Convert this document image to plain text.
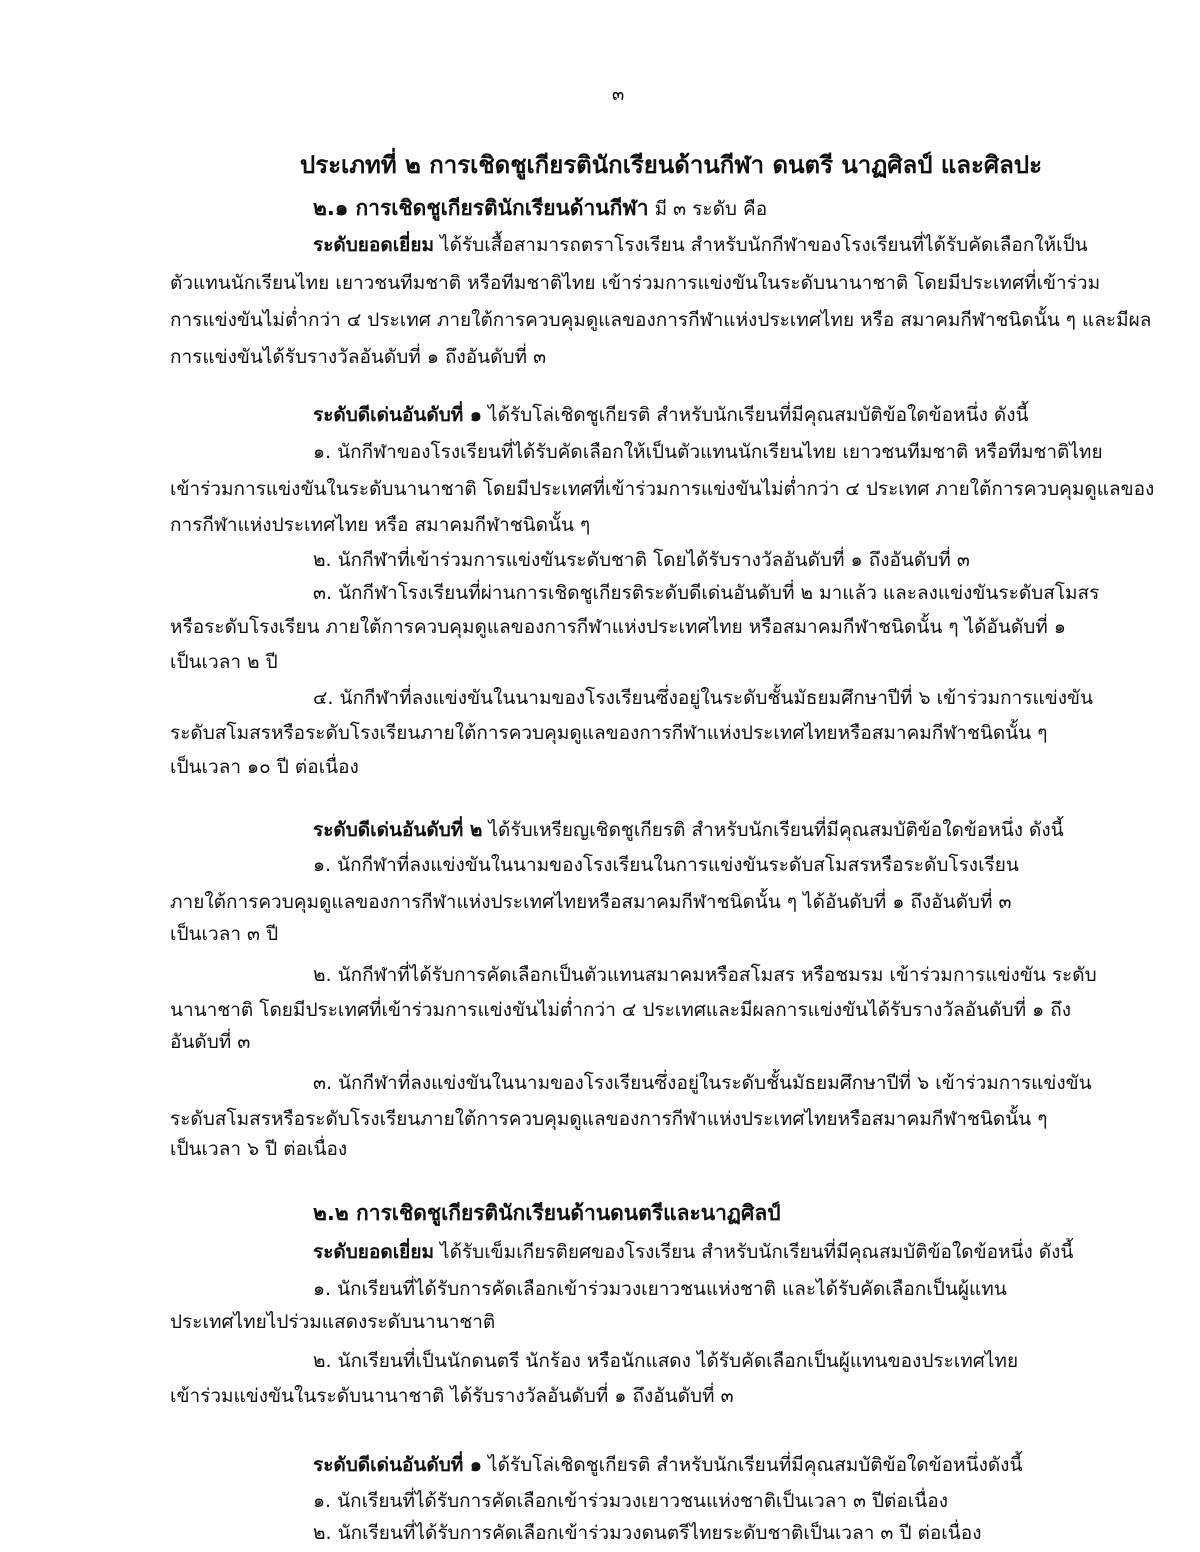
๓
ประเภทที่ ๒ การเชิดชูเกียรตินักเรียนด้านกีฬา ดนตรี นาฏศิลป์ และศิลปะ
๒.๑ การเชิดชูเกียรตินักเรียนด้านกีฬา มี ๓ ระดับ คือ
ระดับยอดเยี่ยม ได้รับเสื้อสามารถตราโรงเรียน สำหรับนักกีฬาของโรงเรียนที่ได้รับคัดเลือกให้เป็น
ตัวแทนนักเรียนไทย เยาวชนทีมชาติ หรือทีมชาติไทย เข้าร่วมการแข่งขันในระดับนานาชาติ โดยมีประเทศที่เข้าร่วม
การแข่งขันไม่ต่ำกว่า ๔ ประเทศ ภายใต้การควบคุมดูแลของการกีฬาแห่งประเทศไทย หรือ สมาคมกีฬาชนิดนั้น ๆ และมีผล
การแข่งขันได้รับรางวัลอันดับที่ ๑ ถึงอันดับที่ ๓
ระดับดีเด่นอันดับที่ ๑ ได้รับโล่เชิดชูเกียรติ สำหรับนักเรียนที่มีคุณสมบัติข้อใดข้อหนึ่ง ดังนี้
๑. นักกีฬาของโรงเรียนที่ได้รับคัดเลือกให้เป็นตัวแทนนักเรียนไทย เยาวชนทีมชาติ หรือทีมชาติไทย
เข้าร่วมการแข่งขันในระดับนานาชาติ โดยมีประเทศที่เข้าร่วมการแข่งขันไม่ต่ำกว่า ๔ ประเทศ ภายใต้การควบคุมดูแลของ
การกีฬาแห่งประเทศไทย หรือ สมาคมกีฬาชนิดนั้น ๆ
๒. นักกีฬาที่เข้าร่วมการแข่งขันระดับชาติ โดยได้รับรางวัลอันดับที่ ๑ ถึงอันดับที่ ๓
๓. นักกีฬาโรงเรียนที่ผ่านการเชิดชูเกียรติระดับดีเด่นอันดับที่ ๒ มาแล้ว และลงแข่งขันระดับสโมสร
หรือระดับโรงเรียน ภายใต้การควบคุมดูแลของการกีฬาแห่งประเทศไทย หรือสมาคมกีฬาชนิดนั้น ๆ ได้อันดับที่ ๑
เป็นเวลา ๒ ปี
๔. นักกีฬาที่ลงแข่งขันในนามของโรงเรียนซึ่งอยู่ในระดับชั้นมัธยมศึกษาปีที่ ๖ เข้าร่วมการแข่งขัน
ระดับสโมสรหรือระดับโรงเรียนภายใต้การควบคุมดูแลของการกีฬาแห่งประเทศไทยหรือสมาคมกีฬาชนิดนั้น ๆ
เป็นเวลา ๑๐ ปี ต่อเนื่อง
ระดับดีเด่นอันดับที่ ๒ ได้รับเหรียญเชิดชูเกียรติ สำหรับนักเรียนที่มีคุณสมบัติข้อใดข้อหนึ่ง ดังนี้
๑. นักกีฬาที่ลงแข่งขันในนามของโรงเรียนในการแข่งขันระดับสโมสรหรือระดับโรงเรียน
ภายใต้การควบคุมดูแลของการกีฬาแห่งประเทศไทยหรือสมาคมกีฬาชนิดนั้น ๆ ได้อันดับที่ ๑ ถึงอันดับที่ ๓
เป็นเวลา ๓ ปี
๒. นักกีฬาที่ได้รับการคัดเลือกเป็นตัวแทนสมาคมหรือสโมสร หรือชมรม เข้าร่วมการแข่งขัน ระดับ
นานาชาติ โดยมีประเทศที่เข้าร่วมการแข่งขันไม่ต่ำกว่า ๔ ประเทศและมีผลการแข่งขันได้รับรางวัลอันดับที่ ๑ ถึง
อันดับที่ ๓
๓. นักกีฬาที่ลงแข่งขันในนามของโรงเรียนซึ่งอยู่ในระดับชั้นมัธยมศึกษาปีที่ ๖ เข้าร่วมการแข่งขัน
ระดับสโมสรหรือระดับโรงเรียนภายใต้การควบคุมดูแลของการกีฬาแห่งประเทศไทยหรือสมาคมกีฬาชนิดนั้น ๆ
เป็นเวลา ๖ ปี ต่อเนื่อง
๒.๒ การเชิดชูเกียรตินักเรียนด้านดนตรีและนาฏศิลป์
ระดับยอดเยี่ยม ได้รับเข็มเกียรติยศของโรงเรียน สำหรับนักเรียนที่มีคุณสมบัติข้อใดข้อหนึ่ง ดังนี้
๑. นักเรียนที่ได้รับการคัดเลือกเข้าร่วมวงเยาวชนแห่งชาติ และได้รับคัดเลือกเป็นผู้แทน
ประเทศไทยไปร่วมแสดงระดับนานาชาติ
๒. นักเรียนที่เป็นนักดนตรี นักร้อง หรือนักแสดง ได้รับคัดเลือกเป็นผู้แทนของประเทศไทย
เข้าร่วมแข่งขันในระดับนานาชาติ ได้รับรางวัลอันดับที่ ๑ ถึงอันดับที่ ๓
ระดับดีเด่นอันดับที่ ๑ ได้รับโล่เชิดชูเกียรติ สำหรับนักเรียนที่มีคุณสมบัติข้อใดข้อหนึ่งดังนี้
๑. นักเรียนที่ได้รับการคัดเลือกเข้าร่วมวงเยาวชนแห่งชาติเป็นเวลา ๓ ปีต่อเนื่อง
๒. นักเรียนที่ได้รับการคัดเลือกเข้าร่วมวงดนตรีไทยระดับชาติเป็นเวลา ๓ ปี ต่อเนื่อง
